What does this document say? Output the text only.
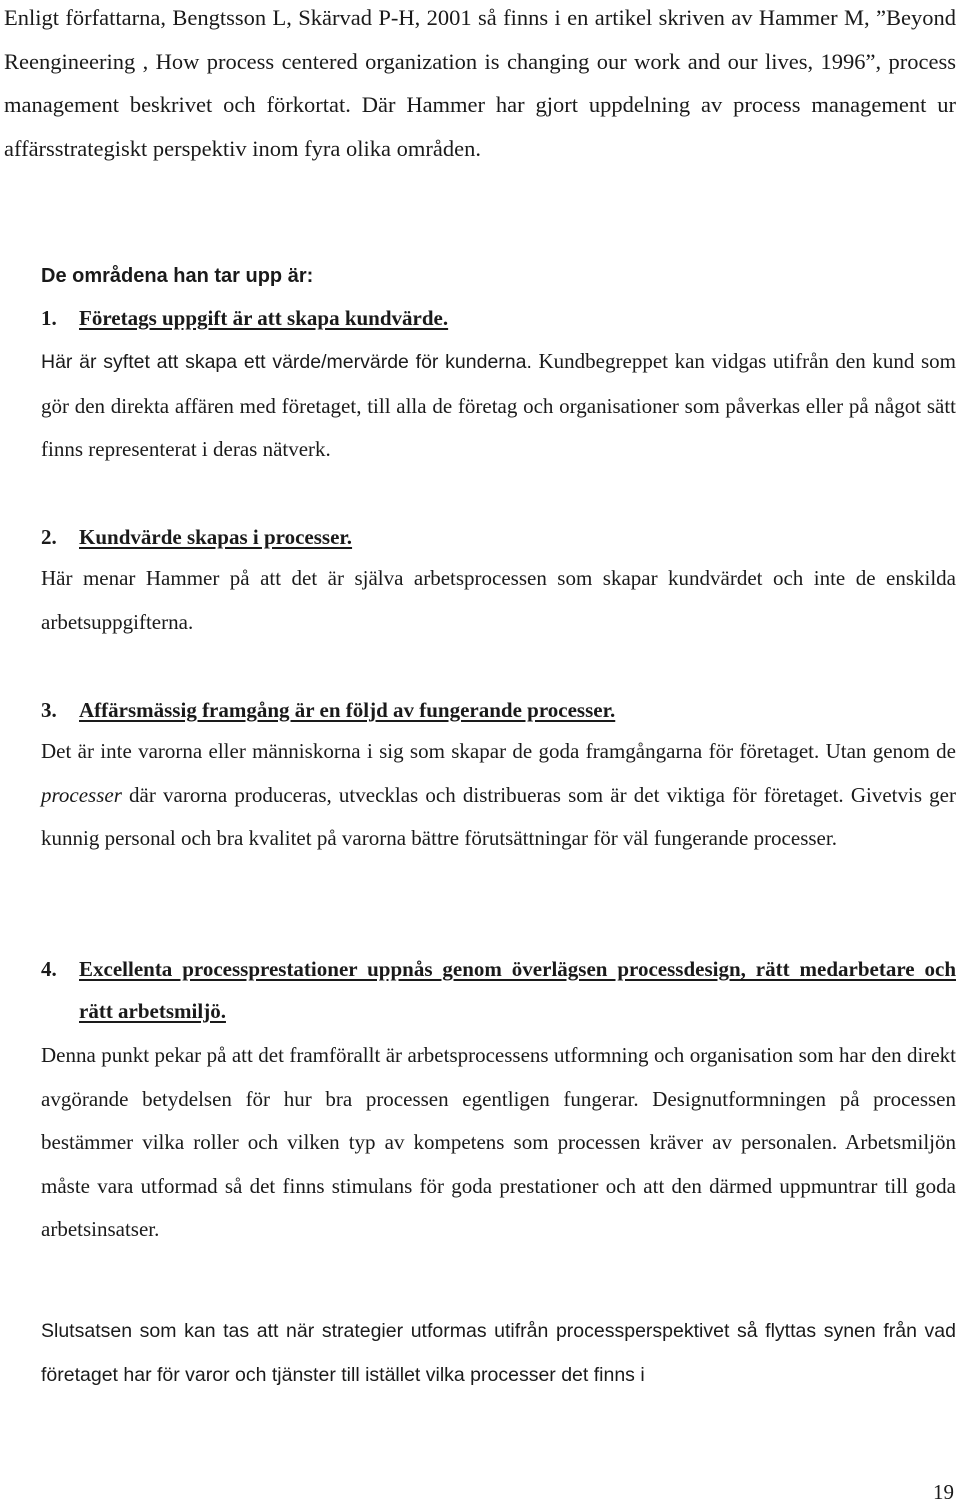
Enligt författarna, Bengtsson L, Skärvad P-H, 2001 så finns i en artikel skriven av Hammer M, ”Beyond Reengineering , How process centered organization is changing our work and our lives, 1996”, process management beskrivet och förkortat. Där Hammer har gjort uppdelning av process management ur affärsstrategiskt perspektiv inom fyra olika områden.

De områdena han tar upp är:
1.	Företags uppgift är att skapa kundvärde.

Här är syftet att skapa ett värde/mervärde för kunderna. Kundbegreppet kan vidgas utifrån den kund som gör den direkta affären med företaget, till alla de företag och organisationer som påverkas eller på något sätt finns representerat i deras nätverk.

2.	Kundvärde skapas i processer.

Här menar Hammer på att det är själva arbetsprocessen som skapar kundvärdet och inte de enskilda arbetsuppgifterna.

3.	Affärsmässig framgång är en följd av fungerande processer.

Det är inte varorna eller människorna i sig som skapar de goda framgångarna för företaget. Utan genom de processer där varorna produceras, utvecklas och distribueras som är det viktiga för företaget. Givetvis ger kunnig personal och bra kvalitet på varorna bättre förutsättningar för väl fungerande processer.

4.	Excellenta processprestationer uppnås genom överlägsen processdesign, rätt medarbetare och rätt arbetsmiljö.

Denna punkt pekar på att det framförallt är arbetsprocessens utformning och organisation som har den direkt avgörande betydelsen för hur bra processen egentligen fungerar. Designutformningen på processen bestämmer vilka roller och vilken typ av kompetens som processen kräver av personalen. Arbetsmiljön måste vara utformad så det finns stimulans för goda prestationer och att den därmed uppmuntrar till goda arbetsinsatser.

Slutsatsen som kan tas att när strategier utformas utifrån processperspektivet så flyttas synen från vad företaget har för varor och tjänster till istället vilka processer det finns i

19
